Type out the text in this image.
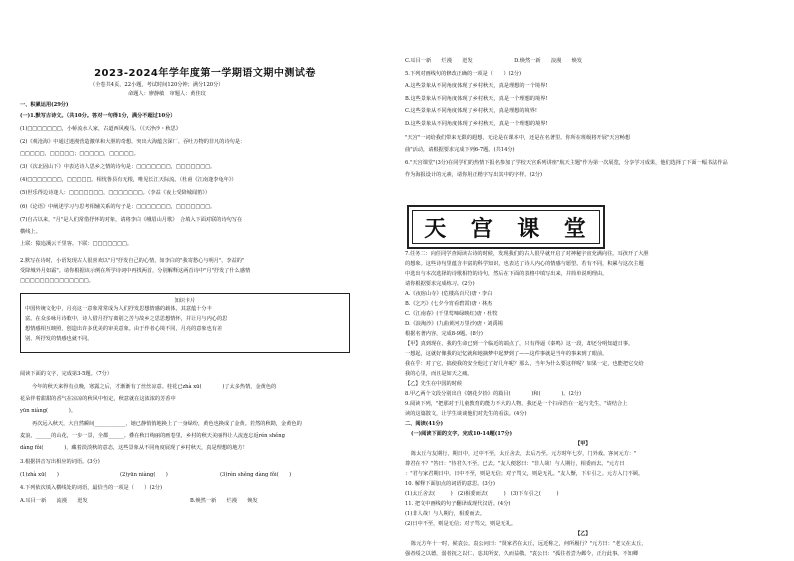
2023-2024年学年度第一学期语文期中测试卷
（全卷共4页，22小题，考试时间120分钟；满分120分）
命题人：廖静敏　审题人：黄佳玟
一、积累运用(29分)
(一)1.默写古诗文。（共10分。答对一句得1分，满分不超过10分）
(1)□□□□□□□，小桥流水人家，古道西风瘦马。（《天净沙・秋思》
(2)《观沧海》中通过迷漫营造激单和大胆的奇想，突出大海蕴含深厂、吞吐万物的非凡的诗句是：
□□□□□，□□□□□；□□□□□，□□□□□。
(3)《次北固山下》中表达诗人思乡之情的诗句是：□□□□□□□，□□□□□□□。
(4)□□□□□□□，□□□□□。相忧鲁县有无根，唯见长江天际流。（杜甫《江南逢李龟年》）
(5)世乐得边诗逢人：□□□□□□□，□□□□□□□。（李益《夜上受降城闻笛》）
(6)《论语》中阐述学习与思考相辅关系的句子是：□□□□□□□，□□□□□□□。
(7)自古以来，"月"是人们常借抒怀的对象，请将李白《峨眉山月歌》　合填入下面对联的诗句写在
横线上。
上联：猿追溪云千里客。下联：□□□□□□□。
2.默写在诗时，小语发现古人很喜欢以"月"抒发自己的心情，如李白的"我寄愁心与明月"，李益的"
受降城外月如霜"。请你根据该示例在所学诗词中再找两首，分别解释这两首诗中"月"抒发了什么感情
□□□□□□□□□□□□□□。
知识卡片
中国传统文化中，月亮这一意象常常成为人们抒发思想情感的载体，其意蕴十分丰
富。在众多咏月诗歌中，诗人借月抒写离别之苦与故乡之思思想情怀，并让月与内心的思
想情感相互映照，创造出许多优美的审美意象。由于作者心境不同，月亮的意象也有差
别，所抒发的情感也就不同。
阅读下面的文字，完成第3-5题。（7分）
今年的秋天来得有点晚，寒露之后，才渐渐有了丝丝凉意。桂花已zhà xū(　　　　)了太多热情，金黄色的
花朵伴着甜甜的香气在凉凉的秋风中恒定，秋意就在这浓浓的芳香中
yūn niàng(　　　　)。
再次远入秋天，大自然瞬间____________，她已静悄悄地换上了一身绿纷，黄色也换成了金黄。若然的秋勘，金黄色的
麦浪，______的山花，一步一景，全都______。叠在秋日绚丽的画卷里，乡村的秋天美丽得让人流连忘返rén shěng
dàng fǒi(　　　　)，藏着淡淡秋的意态，这些景象从不同角度展现了乡村秋天，真是理想的地方！
3.根据拼音写出相应的词语。(3分)
(1)zhà xū(　　)	(2)yūn niàng(　　)	(3)rén shěng dàng fǒi(　　)
4.下列依次填入横线处的词语，最恰当的一项是（　　）(2分)
A.耳目一新　　流漫　　迸发	B.焕然一新　　烂漫　　焕发
C.耳目一新　　烂漫　　迸发　　　　　　　　D.焕然一新　　浪漫　　焕发
5.下列对画线句的修改正确的一项是（　　）(2分)
A.这些景象从不同角度体现了乡村秋天，真是理想的一个境界!
B.这些景象从不同角度体现了乡村秋天，真是一个理想的境界!
C.这些景象从不同角度体现了乡村秋天，真是理想的境界!
D.这些景象从不同角度体现了乡村秋天，真是一个理想的境界!
"天宫"一词给我们带来无限的遐想，无论是在课本中，还是在名著里。你所在班级将开展"天宫畅想
曲"活动，请根据要求完成下列6-7题。(共14分)
6."天宫课堂"(3分)在同学们的热情下报名参加了学校天宫系列讲座"航天主题"作为第一次展览，分享学习成果，他们选择了下面一幅书法作品
作为海报设计的元素，请你用正楷字写出其中的字样。(2分)
天 宫 课 堂
7.任务二：向任同学查阅读古诗的时候，发现我们的古人很早就开启了对神秘宇宙充满向往。耳孩开了大胆
的想象。这些诗句里蕴含丰富的科学知识，也表达了诗人内心的情感与愿望。若有不同，积累与这次主题
中选出与本次选择的诗歌相符的诗句，然后在下面的表格中填写出来，并简单说明理由。
请你根据要求完成练习。(2分)
A.《夜宿山寺》(危楼高百尺)唐・李白
B.《乞巧》(七夕今宵看碧霄)唐・林杰
C.《江南春》(千里莺啼绿映红)唐・杜牧
D.《浪淘沙》(九曲黄河万里沙)唐・刘禹锡
根据名著内容，完成8-9题。(8分)
【甲】真到现在，我的生命已到一个临近的端点了，只有得逼《秦鸣》这一段，却还分明知道日事。
一想起，这就好像我的记忆就和地摘梦中起梦到了——这件事就是当年的事来到了眼前。
我在乎：对了它，搞使我的安全他过了好几年呢？那么，当年为什么要这样呢？如果一定，也能把它交给
我的心里，而且是如天之痛。
【乙】先生在中国的时候
8.甲乙两个文段分别出自《朝花夕拾》的篇目(　　　　)和(　　　　)。(2分)
9.阅读下列，"把那对于儿童教育的能力不大的人物，我还是一个扫帚浩在一起与先生，"请结合上
读的这篇散文，让学生谈谈他们对先生的看法。(4分)
二、阅读(41分)
(一)阅读下面的文字，完成10-14题(17分)
【甲】
陈太丘与友期行，期日中，过中不至，太丘舍去，去后乃至。元方时年七岁，门外戏。客问元方："
尊君在不？"答曰："待君久不至，已去。"友人便怒曰："非人哉！与人期行，相委而去。"元方曰
："君与家君期日中。日中不至，则是无信；对子骂父，则是无礼。"友人惭，下车引之。元方入门不顾。
10. 解释下面加点的词语的意思。(3分)
(1)太丘舍去(　　　)　(2)相委而去(　　　)　(3)下车引之(　　　)
11. 把文中画线的句子翻译成现代汉语。(4分)
(1)非人哉！与人期行，相委而去。
(2)日中不至，则是无信；对子骂父，则是无礼。
【乙】
陈元方年十一时，候袁公。袁公问曰："贤家君在太丘，远近称之，何所履行？"元方曰："老父在太丘，
强者绥之以德，弱者抚之以仁，恣其所安，久而益敬。"袁公曰："孤往者尝为邺令，正行此事。不知卿
